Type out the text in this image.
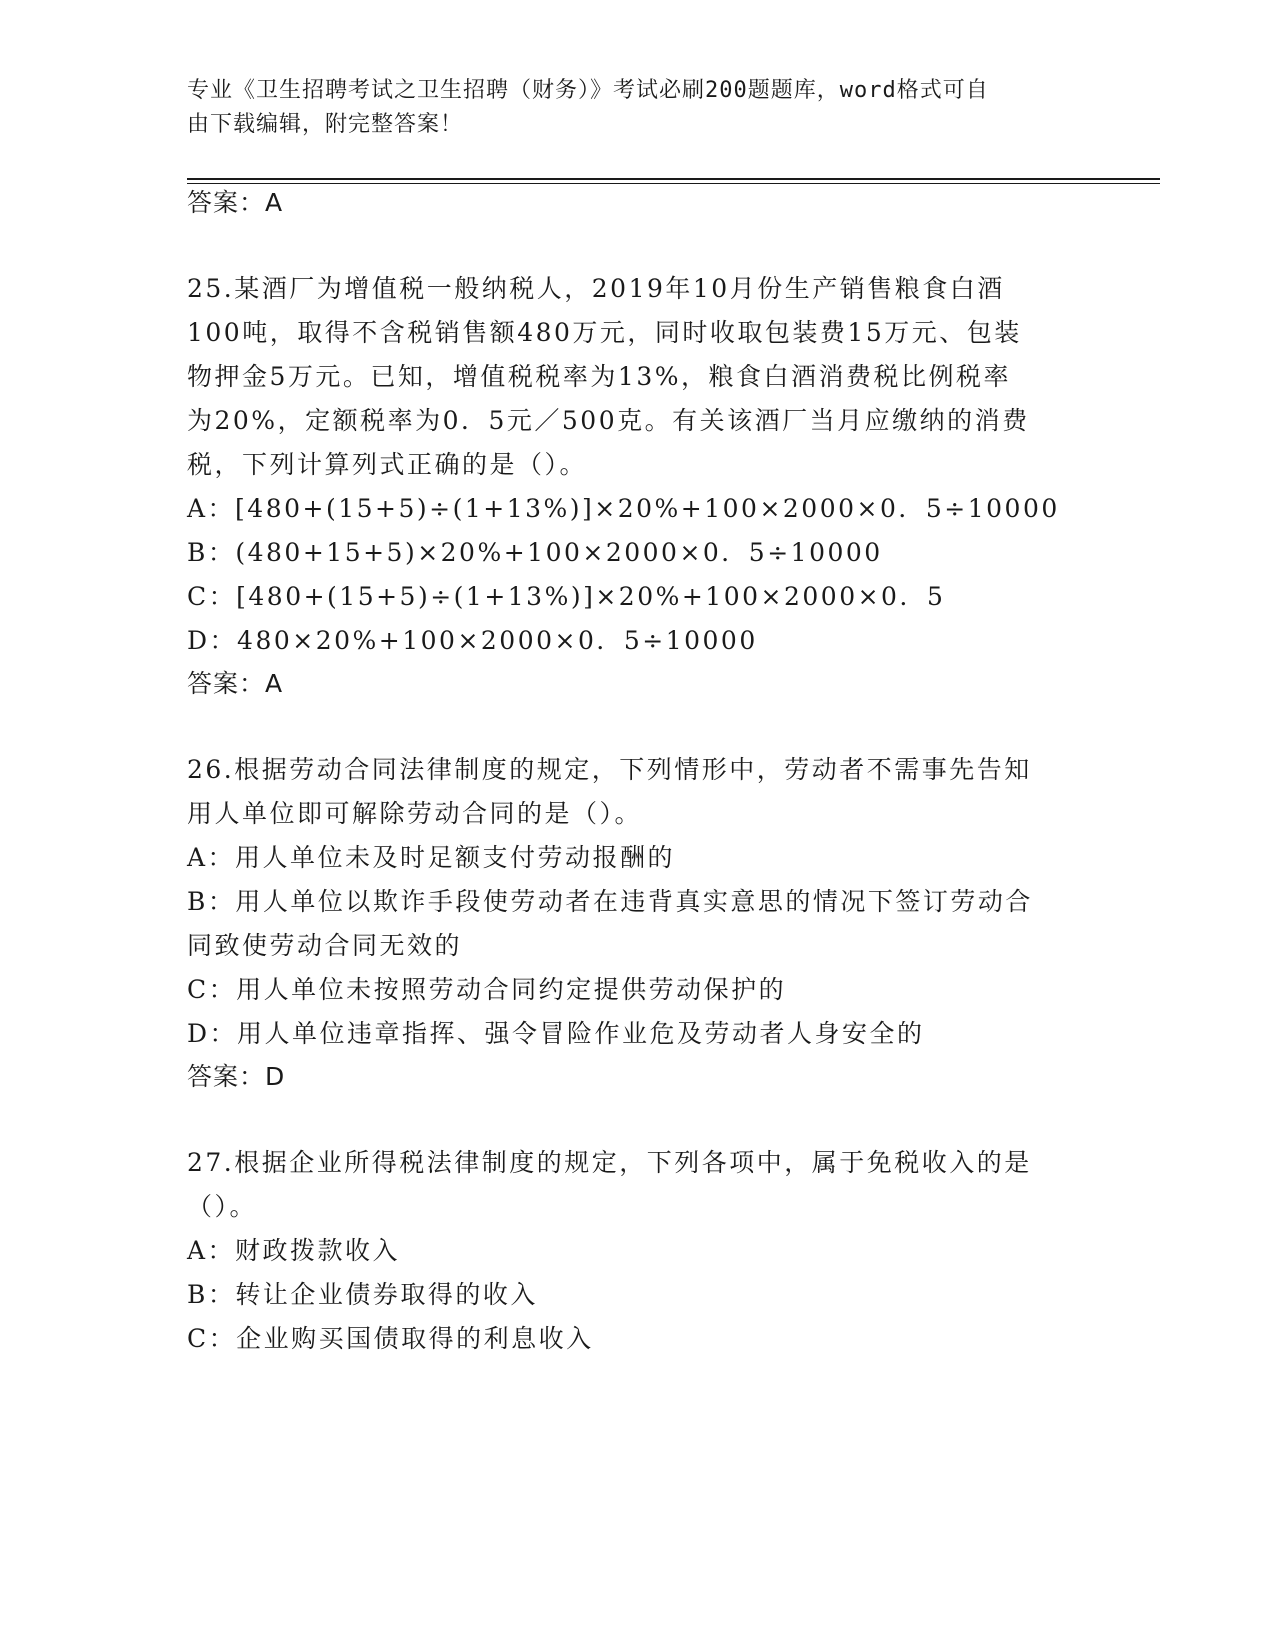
专业《卫生招聘考试之卫生招聘（财务）》考试必刷200题题库，word格式可自
由下载编辑，附完整答案！
答案：A
25.某酒厂为增值税一般纳税人，2019年10月份生产销售粮食白酒
100吨，取得不含税销售额480万元，同时收取包装费15万元、包装
物押金5万元。已知，增值税税率为13%，粮食白酒消费税比例税率
为20%，定额税率为0．5元／500克。有关该酒厂当月应缴纳的消费
税，下列计算列式正确的是（）。
A：[480+(15+5)÷(1+13%)]×20%+100×2000×0．5÷10000
B：(480+15+5)×20%+100×2000×0．5÷10000
C：[480+(15+5)÷(1+13%)]×20%+100×2000×0．5
D：480×20%+100×2000×0．5÷10000
答案：A
26.根据劳动合同法律制度的规定，下列情形中，劳动者不需事先告知
用人单位即可解除劳动合同的是（）。
A：用人单位未及时足额支付劳动报酬的
B：用人单位以欺诈手段使劳动者在违背真实意思的情况下签订劳动合
同致使劳动合同无效的
C：用人单位未按照劳动合同约定提供劳动保护的
D：用人单位违章指挥、强令冒险作业危及劳动者人身安全的
答案：D
27.根据企业所得税法律制度的规定，下列各项中，属于免税收入的是
（）。
A：财政拨款收入
B：转让企业债券取得的收入
C：企业购买国债取得的利息收入
